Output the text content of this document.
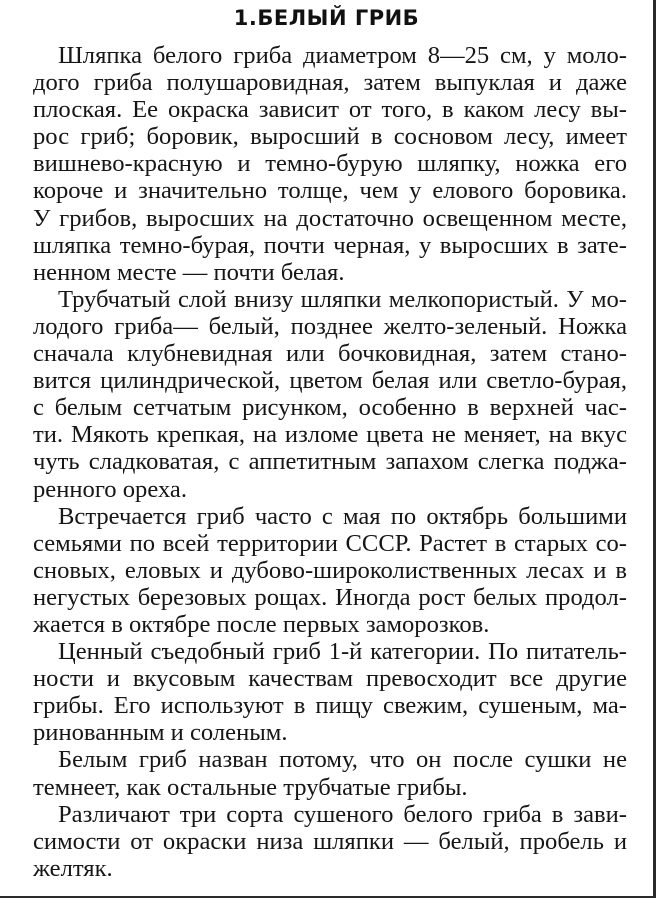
1.БЕЛЫЙ ГРИБ
Шляпка белого гриба диаметром 8—25 см, у моло-
дого гриба полушаровидная, затем выпуклая и даже
плоская. Ее окраска зависит от того, в каком лесу вы-
рос гриб; боровик, выросший в сосновом лесу, имеет
вишнево-красную и темно-бурую шляпку, ножка его
короче и значительно толще, чем у елового боровика.
У грибов, выросших на достаточно освещенном месте,
шляпка темно-бурая, почти черная, у выросших в зате-
ненном месте — почти белая.
Трубчатый слой внизу шляпки мелкопористый. У мо-
лодого гриба— белый, позднее желто-зеленый. Ножка
сначала клубневидная или бочковидная, затем стано-
вится цилиндрической, цветом белая или светло-бурая,
с белым сетчатым рисунком, особенно в верхней час-
ти. Мякоть крепкая, на изломе цвета не меняет, на вкус
чуть сладковатая, с аппетитным запахом слегка поджа-
ренного ореха.
Встречается гриб часто с мая по октябрь большими
семьями по всей территории СССР. Растет в старых со-
сновых, еловых и дубово-широколиственных лесах и в
негустых березовых рощах. Иногда рост белых продол-
жается в октябре после первых заморозков.
Ценный съедобный гриб 1-й категории. По питатель-
ности и вкусовым качествам превосходит все другие
грибы. Его используют в пищу свежим, сушеным, ма-
ринованным и соленым.
Белым гриб назван потому, что он после сушки не
темнеет, как остальные трубчатые грибы.
Различают три сорта сушеного белого гриба в зави-
симости от окраски низа шляпки — белый, пробель и
желтяк.
